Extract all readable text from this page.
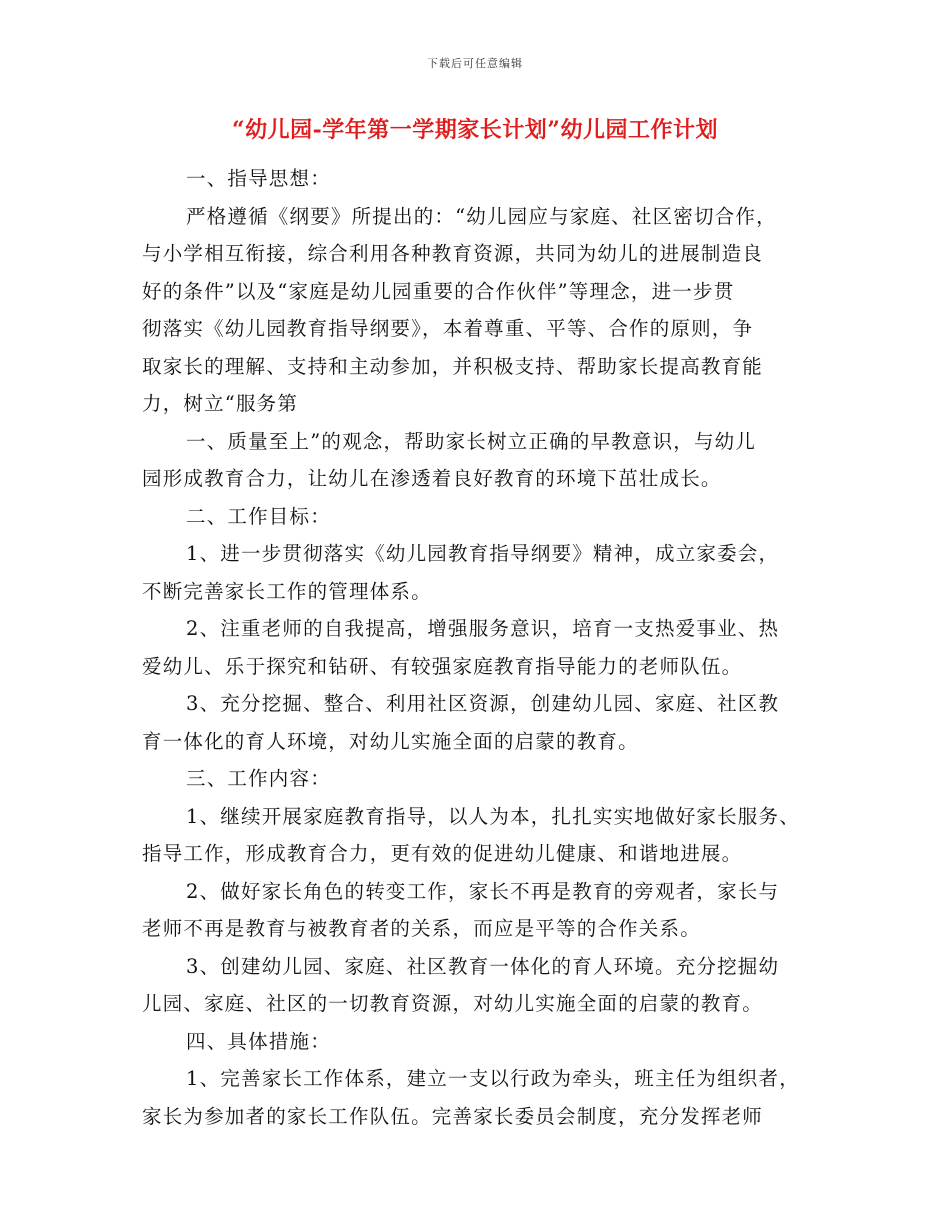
下载后可任意编辑
“幼儿园-学年第一学期家长计划”幼儿园工作计划
一、指导思想：
严格遵循《纲要》所提出的：“幼儿园应与家庭、社区密切合作，
与小学相互衔接，综合利用各种教育资源，共同为幼儿的进展制造良
好的条件”以及“家庭是幼儿园重要的合作伙伴”等理念，进一步贯
彻落实《幼儿园教育指导纲要》，本着尊重、平等、合作的原则，争
取家长的理解、支持和主动参加，并积极支持、帮助家长提高教育能
力，树立“服务第
一、质量至上”的观念，帮助家长树立正确的早教意识，与幼儿
园形成教育合力，让幼儿在渗透着良好教育的环境下茁壮成长。
二、工作目标：
1、进一步贯彻落实《幼儿园教育指导纲要》精神，成立家委会，
不断完善家长工作的管理体系。
2、注重老师的自我提高，增强服务意识，培育一支热爱事业、热
爱幼儿、乐于探究和钻研、有较强家庭教育指导能力的老师队伍。
3、充分挖掘、整合、利用社区资源，创建幼儿园、家庭、社区教
育一体化的育人环境，对幼儿实施全面的启蒙的教育。
三、工作内容：
1、继续开展家庭教育指导，以人为本，扎扎实实地做好家长服务、
指导工作，形成教育合力，更有效的促进幼儿健康、和谐地进展。
2、做好家长角色的转变工作，家长不再是教育的旁观者，家长与
老师不再是教育与被教育者的关系，而应是平等的合作关系。
3、创建幼儿园、家庭、社区教育一体化的育人环境。充分挖掘幼
儿园、家庭、社区的一切教育资源，对幼儿实施全面的启蒙的教育。
四、具体措施：
1、完善家长工作体系，建立一支以行政为牵头，班主任为组织者，
家长为参加者的家长工作队伍。完善家长委员会制度，充分发挥老师
